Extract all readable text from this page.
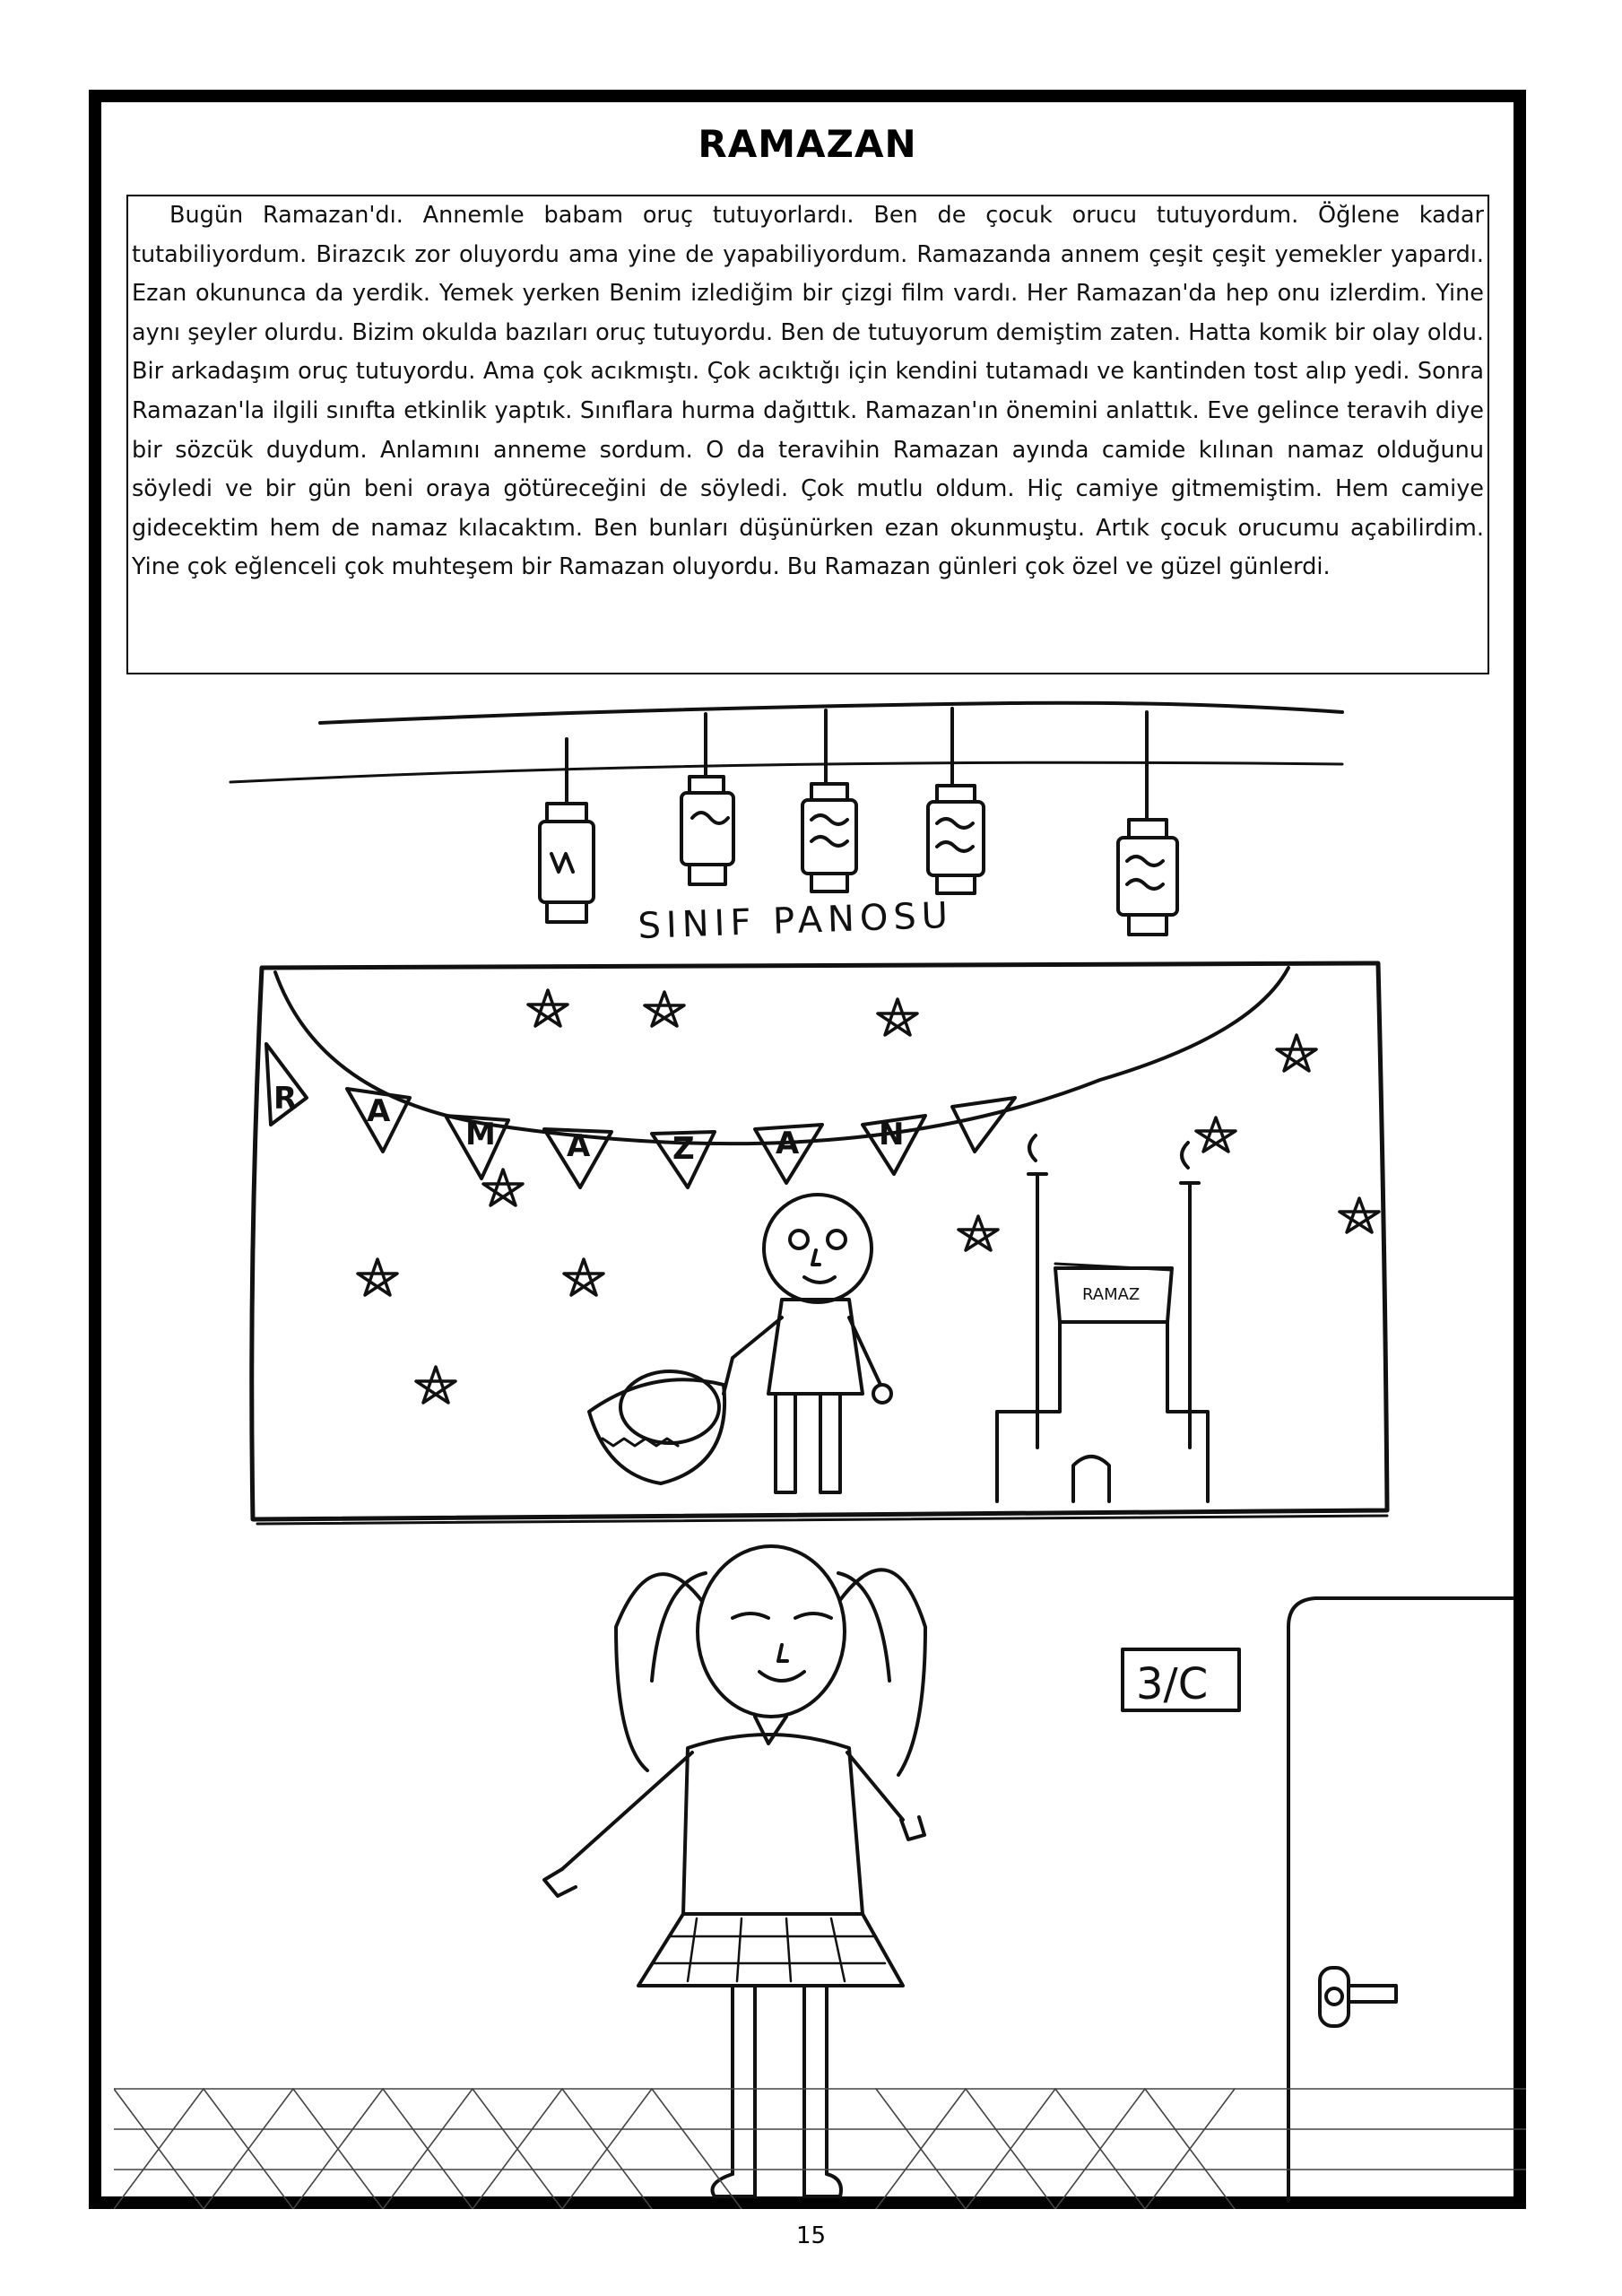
RAMAZAN

Bugün Ramazan'dı. Annemle babam oruç tutuyorlardı. Ben de çocuk orucu tutuyordum. Öğlene kadar tutabiliyordum. Birazcık zor oluyordu ama yine de yapabiliyordum. Ramazanda annem çeşit çeşit yemekler yapardı. Ezan okununca da yerdik. Yemek yerken Benim izlediğim bir çizgi film vardı. Her Ramazan'da hep onu izlerdim. Yine aynı şeyler olurdu. Bizim okulda bazıları oruç tutuyordu. Ben de tutuyorum demiştim zaten. Hatta komik bir olay oldu. Bir arkadaşım oruç tutuyordu. Ama çok acıkmıştı. Çok acıktığı için kendini tutamadı ve kantinden tost alıp yedi. Sonra Ramazan'la ilgili sınıfta etkinlik yaptık. Sınıflara hurma dağıttık. Ramazan'ın önemini anlattık. Eve gelince teravih diye bir sözcük duydum. Anlamını anneme sordum. O da teravihin Ramazan ayında camide kılınan namaz olduğunu söyledi ve bir gün beni oraya götüreceğini de söyledi. Çok mutlu oldum. Hiç camiye gitmemiştim. Hem camiye gidecektim hem de namaz kılacaktım. Ben bunları düşünürken ezan okunmuştu. Artık çocuk orucumu açabilirdim. Yine çok eğlenceli çok muhteşem bir Ramazan oluyordu. Bu Ramazan günleri çok özel ve güzel günlerdi.

SINIF PANOSU
R A
M A	Z	A	N
RAMAZ
3/C
15
